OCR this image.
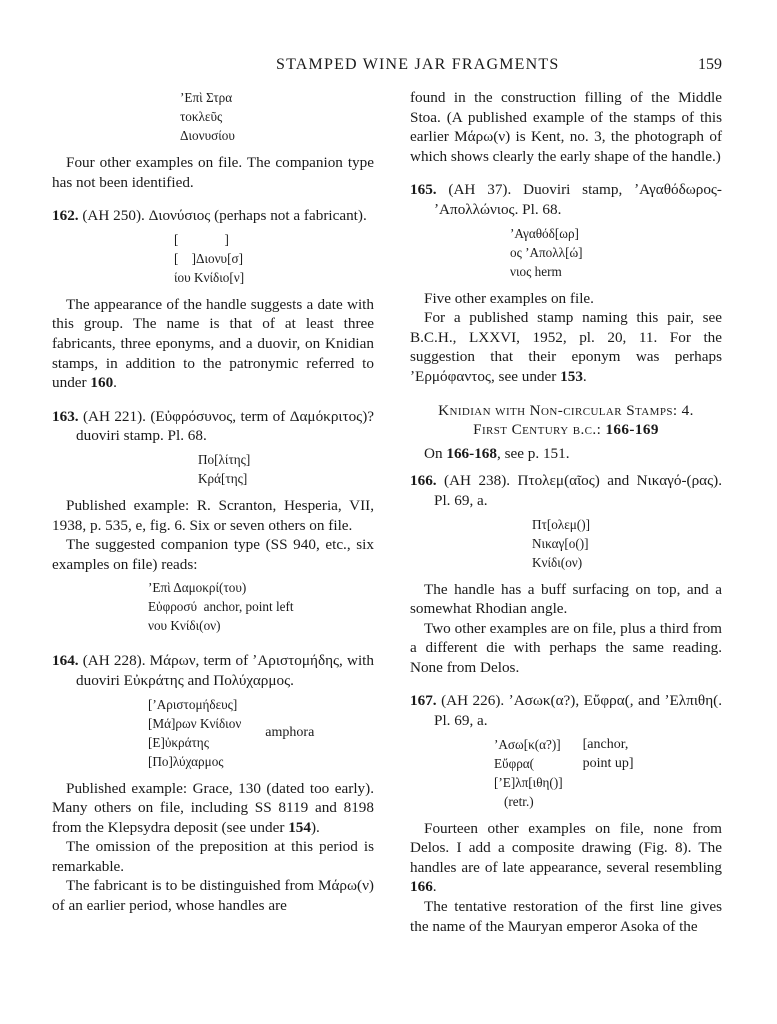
STAMPED WINE JAR FRAGMENTS	159
ʼΕπὶ Στρα
τοκλεῦς
Διονυσίου

Four other examples on file. The companion type has not been identified.

162. (AH 250). Διονύσιος (perhaps not a fabricant).

[              ]
[    ]Διονυ[σ]
ίου Κνίδιο[ν]

The appearance of the handle suggests a date with this group. The name is that of at least three fabricants, three eponyms, and a duovir, on Knidian stamps, in addition to the patronymic referred to under 160.

163. (AH 221). (Εὐφρόσυνος, term of Δαμόκριτος)? duoviri stamp. Pl. 68.

Πο[λίτης]
Κρά[της]

Published example: R. Scranton, Hesperia, VII, 1938, p. 535, e, fig. 6. Six or seven others on file.

The suggested companion type (SS 940, etc., six examples on file) reads:

ʼΕπὶ Δαμοκρί(του)
Εὐφροσύ  anchor, point left
νου Κνίδι(ον)

164. (AH 228). Μάρων, term of ʼΑριστομήδης, with duoviri Εὐκράτης and Πολύχαρμος.

[ʼΑριστομήδευς]
[Μά]ρων Κνίδιον
[Ε]ὐκράτης
[Πο]λύχαρμος
amphora

Published example: Grace, 130 (dated too early). Many others on file, including SS 8119 and 8198 from the Klepsydra deposit (see under 154).

The omission of the preposition at this period is remarkable.

The fabricant is to be distinguished from Μάρω(ν) of an earlier period, whose handles are

found in the construction filling of the Middle Stoa. (A published example of the stamps of this earlier Μάρω(ν) is Kent, no. 3, the photograph of which shows clearly the early shape of the handle.)

165. (AH 37). Duoviri stamp, ʼΑγαθόδωρος-ʼΑπολλώνιος. Pl. 68.

ʼΑγαθόδ[ωρ]
ος ʼΑπολλ[ώ]
νιος herm

Five other examples on file.

For a published stamp naming this pair, see B.C.H., LXXVI, 1952, pl. 20, 11. For the suggestion that their eponym was perhaps ʼΕρμόφαντος, see under 153.

Knidian with Non-circular Stamps: 4.
First Century b.c.: 166-169

On 166-168, see p. 151.

166. (AH 238). Πτολεμ(αῖος) and Νικαγό-(ρας). Pl. 69, a.

Πτ[ολεμ()]
Νικαγ[ο()]
Κνίδι(ον)

The handle has a buff surfacing on top, and a somewhat Rhodian angle.

Two other examples are on file, plus a third from a different die with perhaps the same reading. None from Delos.

167. (AH 226). ʼΑσωκ(α?), Εὔφρα(, and ʼΕλπιθη(. Pl. 69, a.

ʼΑσω[κ(α?)]
Εὔφρα(
[ʼΕ]λπ[ιθη()]
(retr.)
[anchor,
point up]

Fourteen other examples on file, none from Delos. I add a composite drawing (Fig. 8). The handles are of late appearance, several resembling 166.

The tentative restoration of the first line gives the name of the Mauryan emperor Asoka of the
